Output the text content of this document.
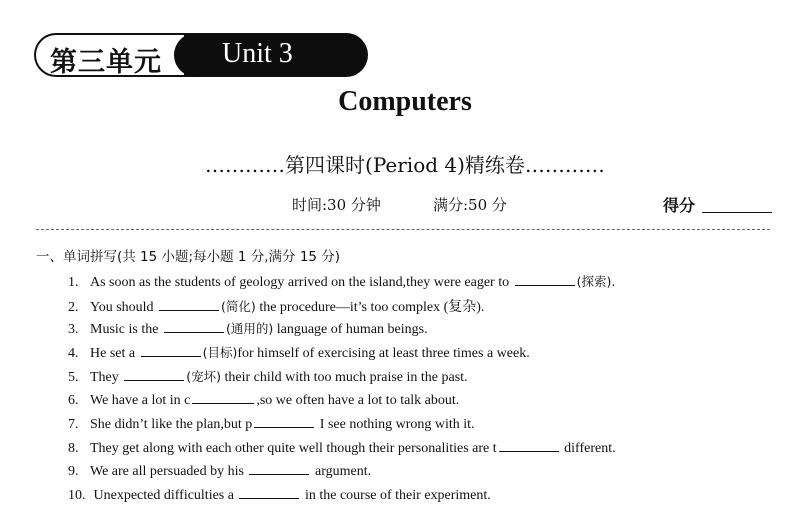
第三单元 Unit 3
Computers
…………第四课时(Period 4)精练卷…………
时间:30 分钟	满分:50 分	得分
一、单词拼写(共 15 小题;每小题 1 分,满分 15 分)
1. As soon as the students of geology arrived on the island,they were eager to	(探索).
2. You should	(简化) the procedure—it’s too complex (复杂).
3. Music is the	(通用的) language of human beings.
4. He set a	(目标)for himself of exercising at least three times a week.
5. They	(宠坏) their child with too much praise in the past.
6. We have a lot in c	,so we often have a lot to talk about.
7. She didn’t like the plan,but p	I see nothing wrong with it.
8. They get along with each other quite well though their personalities are t	different.
9. We are all persuaded by his	argument.
10. Unexpected difficulties a	in the course of their experiment.
